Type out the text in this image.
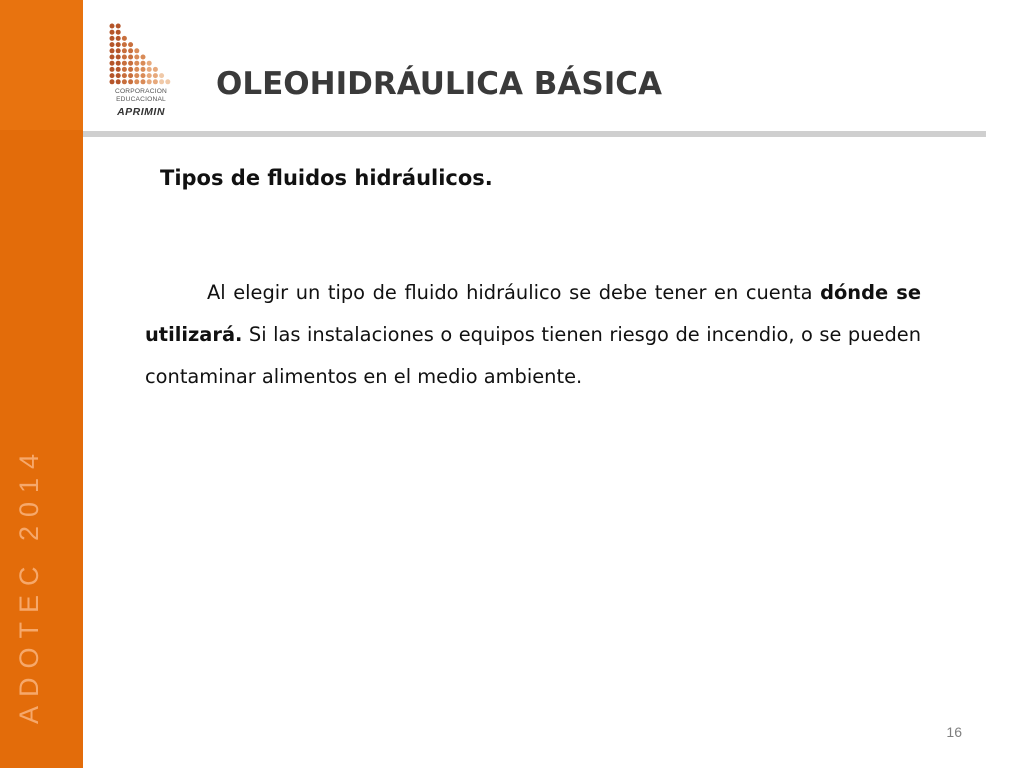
ADOTEC 2014
CORPORACION
EDUCACIONAL
APRIMIN
OLEOHIDRÁULICA BÁSICA
Tipos de fluidos hidráulicos.

Al elegir un tipo de fluido hidráulico se debe tener en cuenta dónde se utilizará. Si las instalaciones o equipos tienen riesgo de incendio, o se pueden contaminar alimentos en el medio ambiente.

16
